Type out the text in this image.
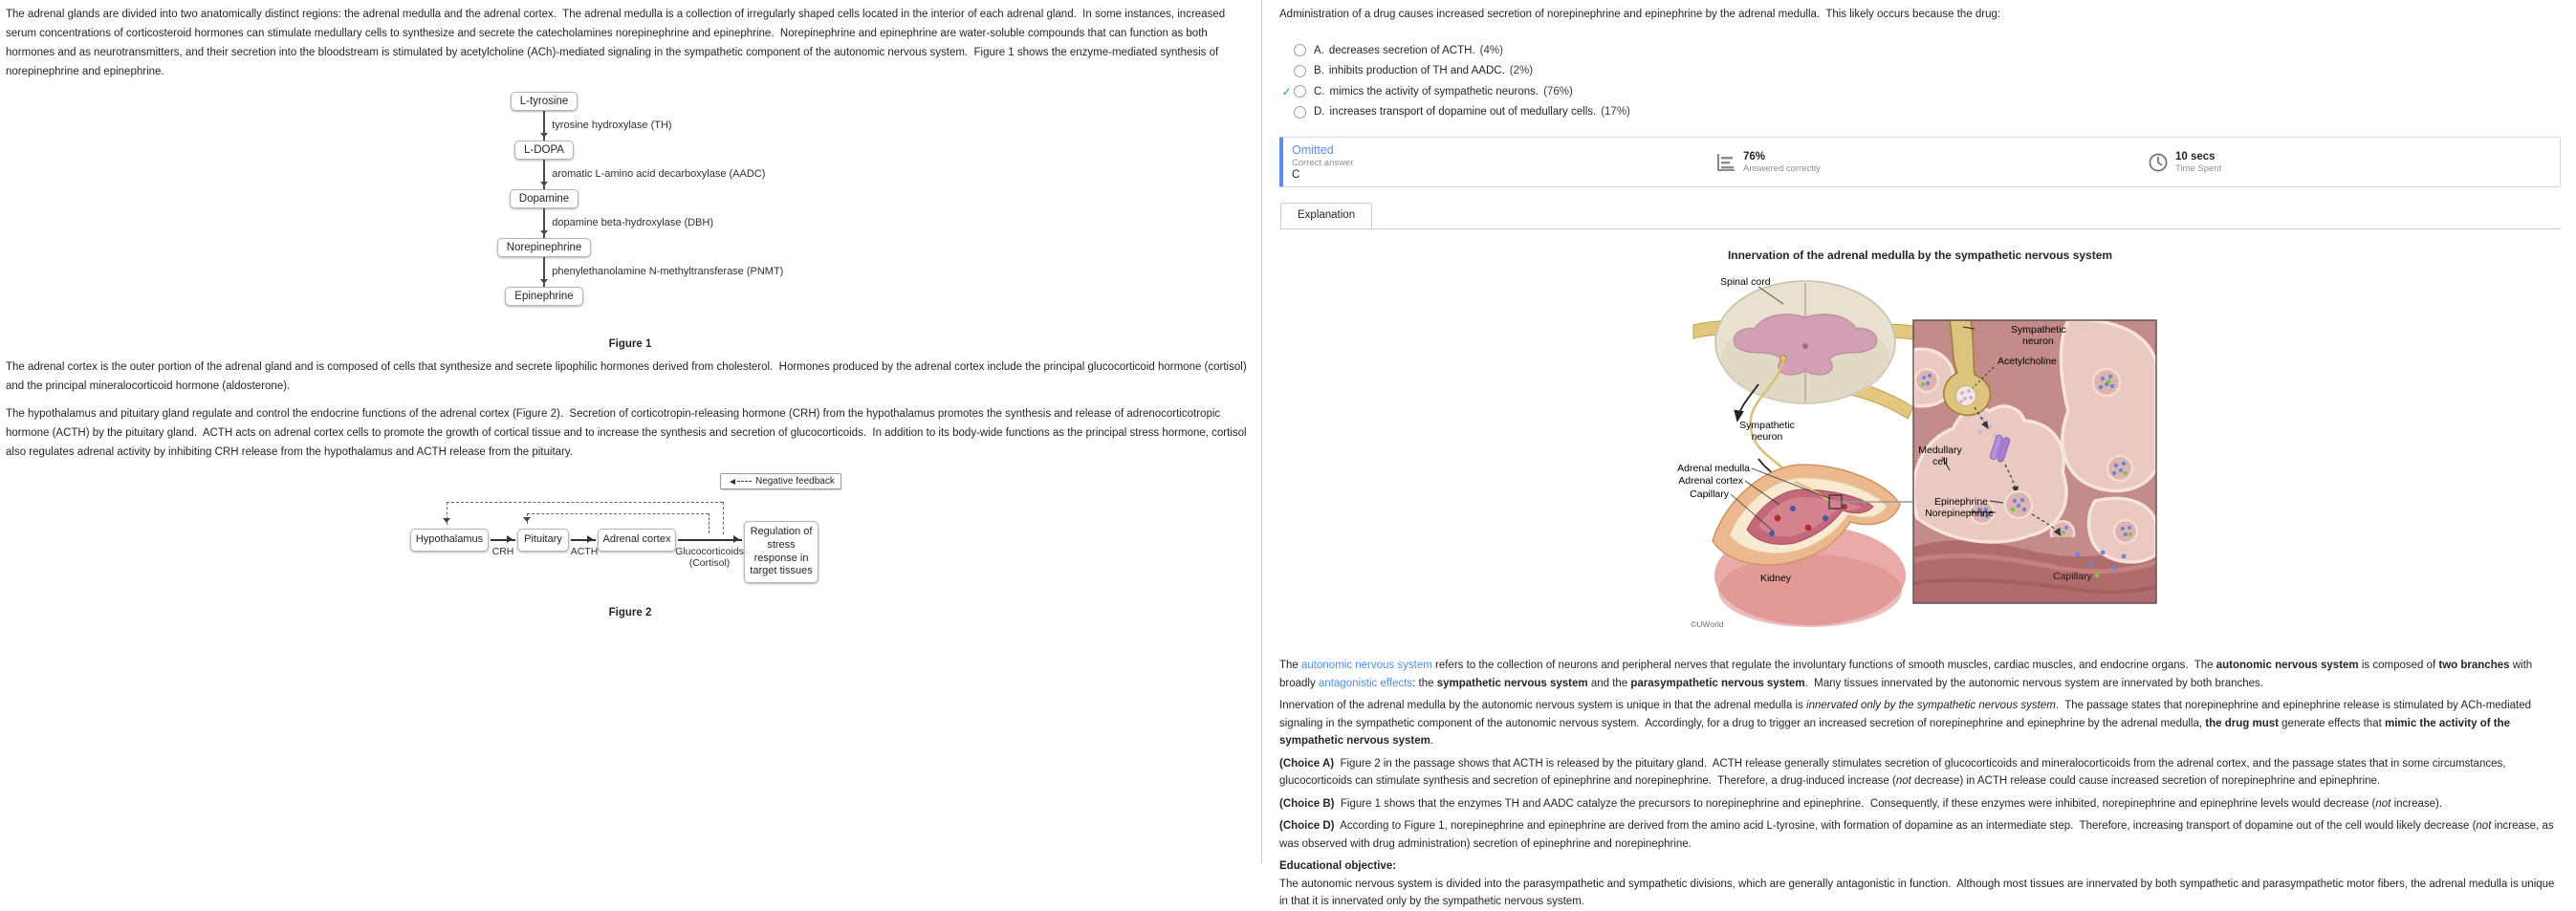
The adrenal glands are divided into two anatomically distinct regions: the adrenal medulla and the adrenal cortex.  The adrenal medulla is a collection of irregularly shaped cells located in the interior of each adrenal gland.  In some instances, increased serum concentrations of corticosteroid hormones can stimulate medullary cells to synthesize and secrete the catecholamines norepinephrine and epinephrine.  Norepinephrine and epinephrine are water-soluble compounds that can function as both hormones and as neurotransmitters, and their secretion into the bloodstream is stimulated by acetylcholine (ACh)-mediated signaling in the sympathetic component of the autonomic nervous system.  Figure 1 shows the enzyme-mediated synthesis of norepinephrine and epinephrine.

L-tyrosine
tyrosine hydroxylase (TH)
L-DOPA
aromatic L-amino acid decarboxylase (AADC)
Dopamine
dopamine beta-hydroxylase (DBH)
Norepinephrine
phenylethanolamine N-methyltransferase (PNMT)
Epinephrine
Figure 1

The adrenal cortex is the outer portion of the adrenal gland and is composed of cells that synthesize and secrete lipophilic hormones derived from cholesterol.  Hormones produced by the adrenal cortex include the principal glucocorticoid hormone (cortisol) and the principal mineralocorticoid hormone (aldosterone).

The hypothalamus and pituitary gland regulate and control the endocrine functions of the adrenal cortex (Figure 2).  Secretion of corticotropin-releasing hormone (CRH) from the hypothalamus promotes the synthesis and release of adrenocorticotropic hormone (ACTH) by the pituitary gland.  ACTH acts on adrenal cortex cells to promote the growth of cortical tissue and to increase the synthesis and secretion of glucocorticoids.  In addition to its body-wide functions as the principal stress hormone, cortisol also regulates adrenal activity by inhibiting CRH release from the hypothalamus and ACTH release from the pituitary.

Negative feedback
Hypothalamus
CRH
Pituitary
ACTH
Adrenal cortex
Glucocorticoids
(Cortisol)
Regulation of stress response in target tissues
Figure 2

Administration of a drug causes increased secretion of norepinephrine and epinephrine by the adrenal medulla.  This likely occurs because the drug:

A. decreases secretion of ACTH. (4%)
B. inhibits production of TH and AADC. (2%)
✓ C. mimics the activity of sympathetic neurons. (76%)
D. increases transport of dopamine out of medullary cells. (17%)
Omitted
Correct answer
C
76%
Answered correctly
10 secs
Time Spent
Explanation
Innervation of the adrenal medulla by the sympathetic nervous system
Spinal cord
Sympathetic
neuron
Adrenal medulla
Adrenal cortex
Capillary
Kidney
©UWorld
Sympathetic
neuron
Acetylcholine
Medullary
cell
Epinephrine
Norepinephrine
Capillary

The autonomic nervous system refers to the collection of neurons and peripheral nerves that regulate the involuntary functions of smooth muscles, cardiac muscles, and endocrine organs.  The autonomic nervous system is composed of two branches with broadly antagonistic effects: the sympathetic nervous system and the parasympathetic nervous system.  Many tissues innervated by the autonomic nervous system are innervated by both branches.

Innervation of the adrenal medulla by the autonomic nervous system is unique in that the adrenal medulla is innervated only by the sympathetic nervous system.  The passage states that norepinephrine and epinephrine release is stimulated by ACh-mediated signaling in the sympathetic component of the autonomic nervous system.  Accordingly, for a drug to trigger an increased secretion of norepinephrine and epinephrine by the adrenal medulla, the drug must generate effects that mimic the activity of the sympathetic nervous system.

(Choice A)  Figure 2 in the passage shows that ACTH is released by the pituitary gland.  ACTH release generally stimulates secretion of glucocorticoids and mineralocorticoids from the adrenal cortex, and the passage states that in some circumstances, glucocorticoids can stimulate synthesis and secretion of epinephrine and norepinephrine.  Therefore, a drug-induced increase (not decrease) in ACTH release could cause increased secretion of norepinephrine and epinephrine.

(Choice B)  Figure 1 shows that the enzymes TH and AADC catalyze the precursors to norepinephrine and epinephrine.  Consequently, if these enzymes were inhibited, norepinephrine and epinephrine levels would decrease (not increase).

(Choice D)  According to Figure 1, norepinephrine and epinephrine are derived from the amino acid L-tyrosine, with formation of dopamine as an intermediate step.  Therefore, increasing transport of dopamine out of the cell would likely decrease (not increase, as was observed with drug administration) secretion of epinephrine and norepinephrine.

Educational objective:

The autonomic nervous system is divided into the parasympathetic and sympathetic divisions, which are generally antagonistic in function.  Although most tissues are innervated by both sympathetic and parasympathetic motor fibers, the adrenal medulla is unique in that it is innervated only by the sympathetic nervous system.
